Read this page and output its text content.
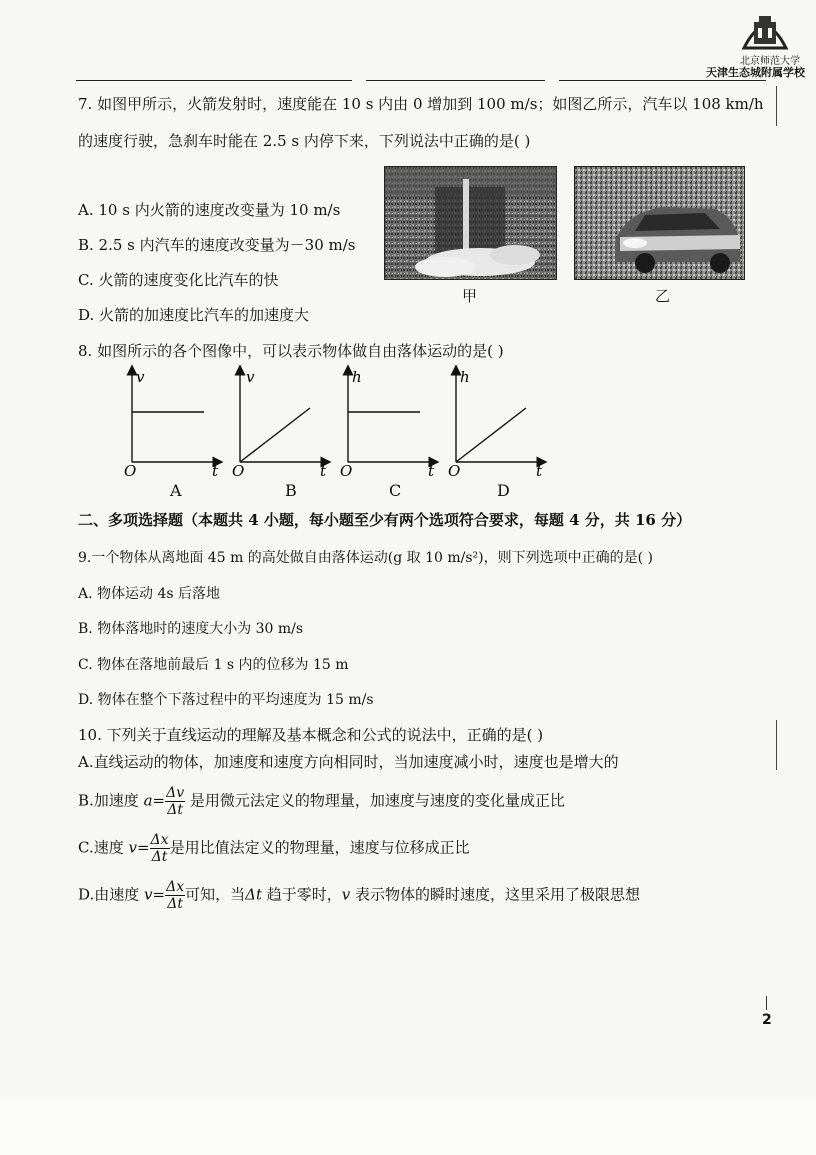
北京师范大学
天津生态城附属学校
7. 如图甲所示，火箭发射时，速度能在 10 s 内由 0 增加到 100 m/s；如图乙所示，汽车以 108 km/h
的速度行驶，急刹车时能在 2.5 s 内停下来，下列说法中正确的是( )
A. 10 s 内火箭的速度改变量为 10 m/s
B. 2.5 s 内汽车的速度改变量为－30 m/s
C. 火箭的速度变化比汽车的快
D. 火箭的加速度比汽车的加速度大
甲	乙
8. 如图所示的各个图像中，可以表示物体做自由落体运动的是( )
v
t
O
v
t
O
h
t
O
h
t
O
A	B	C	D
二、多项选择题（本题共 4 小题，每小题至少有两个选项符合要求，每题 4 分，共 16 分）
9.一个物体从离地面 45 m 的高处做自由落体运动(g 取 10 m/s²)，则下列选项中正确的是( )
A. 物体运动 4s 后落地
B. 物体落地时的速度大小为 30 m/s
C. 物体在落地前最后 1 s 内的位移为 15 m
D. 物体在整个下落过程中的平均速度为 15 m/s
10. 下列关于直线运动的理解及基本概念和公式的说法中，正确的是( )
A.直线运动的物体，加速度和速度方向相同时，当加速度减小时，速度也是增大的
B.加速度 $a= \frac{\Delta v}{\Delta t}$ 是用微元法定义的物理量，加速度与速度的变化量成正比
C.速度 $v= \frac{\Delta x}{\Delta t}$ 是用比值法定义的物理量，速度与位移成正比
D.由速度 $v= \frac{\Delta x}{\Delta t}$ 可知，当Δt 趋于零时，v 表示物体的瞬时速度，这里采用了极限思想
2
